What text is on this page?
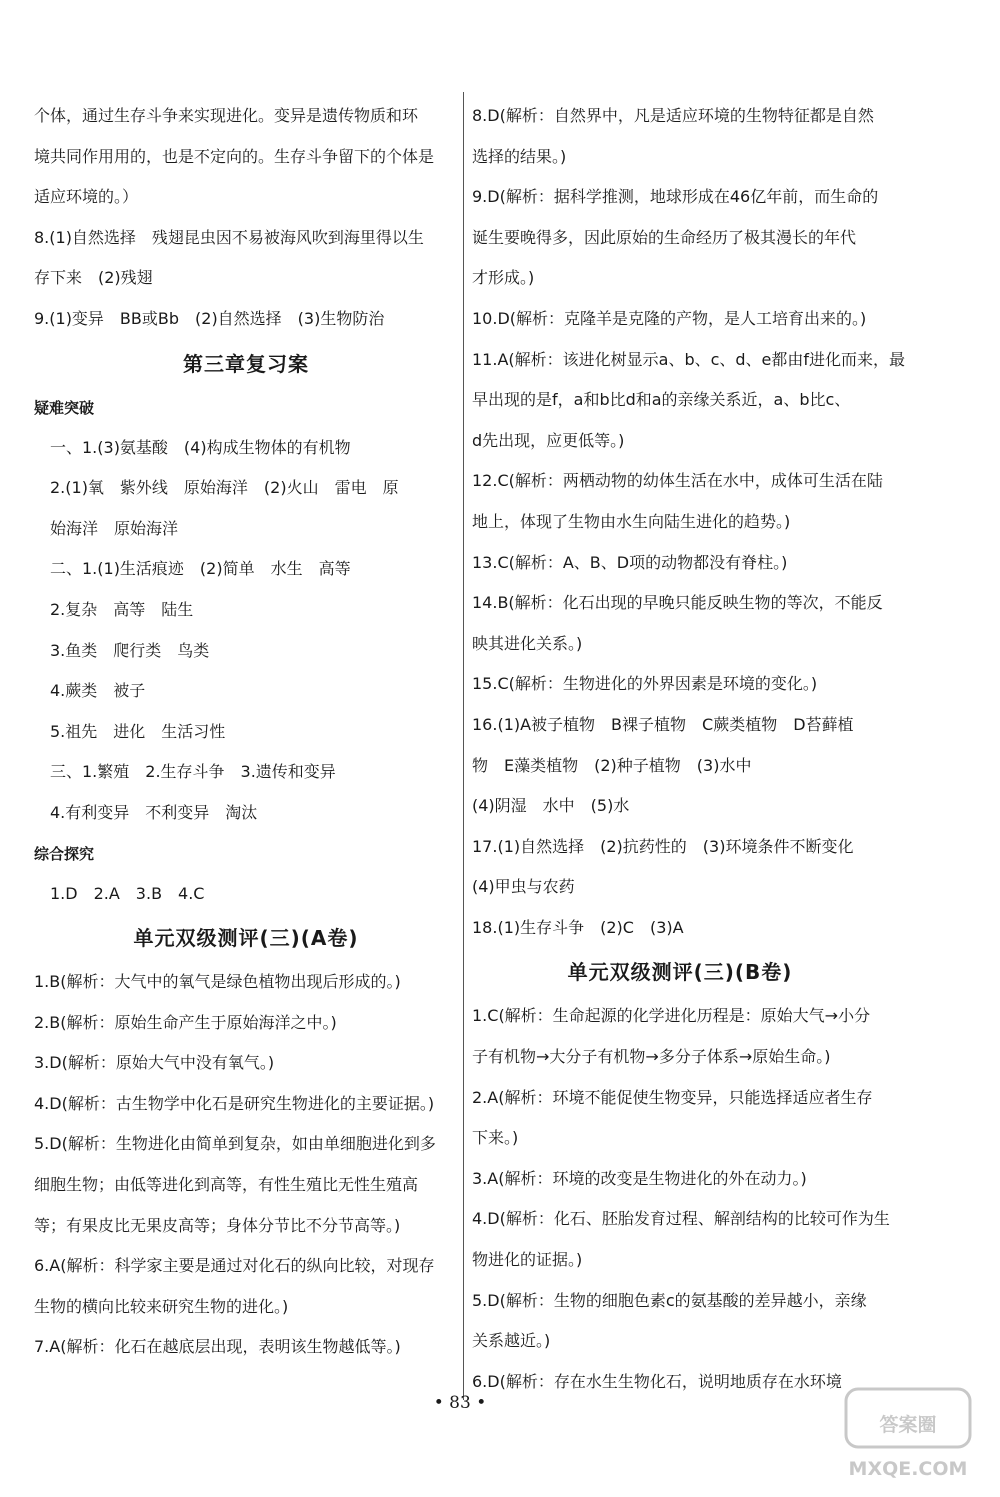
个体，通过生存斗争来实现进化。变异是遗传物质和环
境共同作用用的，也是不定向的。生存斗争留下的个体是
适应环境的。）
8.(1)自然选择　残翅昆虫因不易被海风吹到海里得以生
存下来　(2)残翅
9.(1)变异　BB或Bb　(2)自然选择　(3)生物防治
第三章复习案
疑难突破
一、1.(3)氨基酸　(4)构成生物体的有机物
2.(1)氧　紫外线　原始海洋　(2)火山　雷电　原
始海洋　原始海洋
二、1.(1)生活痕迹　(2)简单　水生　高等
2.复杂　高等　陆生
3.鱼类　爬行类　鸟类
4.蕨类　被子
5.祖先　进化　生活习性
三、1.繁殖　2.生存斗争　3.遗传和变异
4.有利变异　不利变异　淘汰
综合探究
1.D　2.A　3.B　4.C
单元双级测评(三)(A卷)
1.B(解析：大气中的氧气是绿色植物出现后形成的。)
2.B(解析：原始生命产生于原始海洋之中。)
3.D(解析：原始大气中没有氧气。)
4.D(解析：古生物学中化石是研究生物进化的主要证据。)
5.D(解析：生物进化由简单到复杂，如由单细胞进化到多
细胞生物；由低等进化到高等，有性生殖比无性生殖高
等；有果皮比无果皮高等；身体分节比不分节高等。)
6.A(解析：科学家主要是通过对化石的纵向比较，对现存
生物的横向比较来研究生物的进化。)
7.A(解析：化石在越底层出现，表明该生物越低等。)
8.D(解析：自然界中，凡是适应环境的生物特征都是自然
选择的结果。)
9.D(解析：据科学推测，地球形成在46亿年前，而生命的
诞生要晚得多，因此原始的生命经历了极其漫长的年代
才形成。)
10.D(解析：克隆羊是克隆的产物，是人工培育出来的。)
11.A(解析：该进化树显示a、b、c、d、e都由f进化而来，最
早出现的是f，a和b比d和a的亲缘关系近，a、b比c、
d先出现，应更低等。)
12.C(解析：两栖动物的幼体生活在水中，成体可生活在陆
地上，体现了生物由水生向陆生进化的趋势。)
13.C(解析：A、B、D项的动物都没有脊柱。)
14.B(解析：化石出现的早晚只能反映生物的等次，不能反
映其进化关系。)
15.C(解析：生物进化的外界因素是环境的变化。)
16.(1)A被子植物　B裸子植物　C蕨类植物　D苔藓植
物　E藻类植物　(2)种子植物　(3)水中
(4)阴湿　水中　(5)水
17.(1)自然选择　(2)抗药性的　(3)环境条件不断变化
(4)甲虫与农药
18.(1)生存斗争　(2)C　(3)A
单元双级测评(三)(B卷)
1.C(解析：生命起源的化学进化历程是：原始大气→小分
子有机物→大分子有机物→多分子体系→原始生命。)
2.A(解析：环境不能促使生物变异，只能选择适应者生存
下来。)
3.A(解析：环境的改变是生物进化的外在动力。)
4.D(解析：化石、胚胎发育过程、解剖结构的比较可作为生
物进化的证据。)
5.D(解析：生物的细胞色素c的氨基酸的差异越小，亲缘
关系越近。)
6.D(解析：存在水生生物化石，说明地质存在水环境
• 83 •
答案圈
MXQE.COM
